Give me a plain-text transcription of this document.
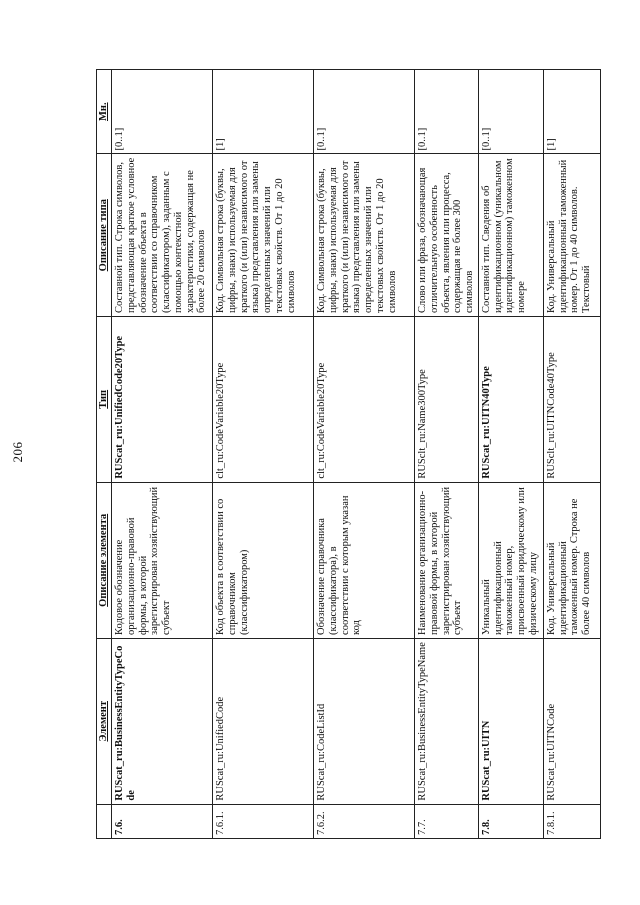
206
	Элемент	Описание элемента	Тип	Описание типа	Мн.
7.6.	RUScat_ru:BusinessEntityTypeCode	Кодовое обозначение организационно-правовой формы, в которой зарегистрирован хозяйствующий субъект	RUScat_ru:UnifiedCode20Type	Составной тип. Строка символов, представляющая краткое условное обозначение объекта в соответствии со справочником (классификатором), заданным с помощью контекстной характеристики, содержащая не более 20 символов	[0..1]
7.6.1.	RUScat_ru:UnifiedCode	Код объекта в соответствии со справочником (классификатором)	clt_ru:CodeVariable20Type	Код. Символьная строка (буквы, цифры, знаки) используемая для краткого (и (или) независимого от языка) представления или замены определенных значений или текстовых свойств. От 1 до 20 символов	[1]
7.6.2.	RUScat_ru:CodeListId	Обозначение справочника (классификатора), в соответствии с которым указан код	clt_ru:CodeVariable20Type	Код. Символьная строка (буквы, цифры, знаки) используемая для краткого (и (или) независимого от языка) представления или замены определенных значений или текстовых свойств. От 1 до 20 символов	[0..1]
7.7.	RUScat_ru:BusinessEntityTypeName	Наименование организационно-правовой формы, в которой зарегистрирован хозяйствующий субъект	RUSclt_ru:Name300Type	Слово или фраза, обозначающая отличительную особенность объекта, явления или процесса, содержащая не более 300 символов	[0..1]
7.8.	RUScat_ru:UITN	Уникальный идентификационный таможенный номер, присвоенный юридическому или физическому лицу	RUScat_ru:UITN40Type	Составной тип. Сведения об идентификационном (уникальном идентификационном) таможенном номере	[0..1]
7.8.1.	RUScat_ru:UITNCode	Код. Универсальный идентификационный таможенный номер. Строка не более 40 символов	RUSclt_ru:UITNCode40Type	Код. Универсальный идентификационный таможенный номер. От 1 до 40 символов. Текстовый	[1]
